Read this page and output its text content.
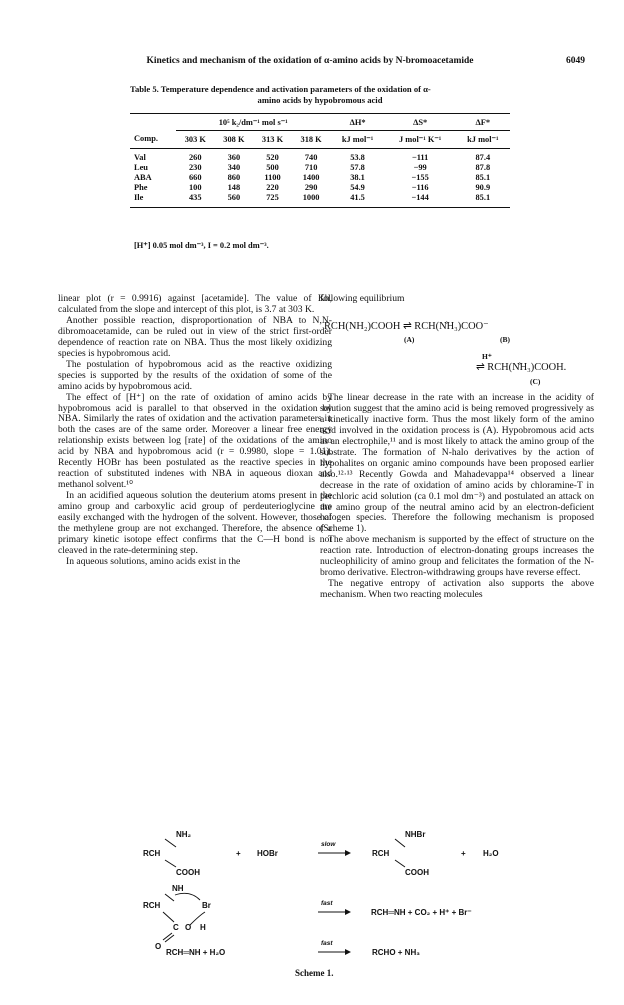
Kinetics and mechanism of the oxidation of α-amino acids by N-bromoacetamide	6049
Table 5. Temperature dependence and activation parameters of the oxidation of α-
amino acids by hypobromous acid
	10⁵ k₂/dm⁻¹ mol s⁻¹				ΔH*	ΔS*	ΔF*
Comp.	303 K	308 K	313 K	318 K	kJ mol⁻¹	J mol⁻¹ K⁻¹	kJ mol⁻¹
Val	260	360	520	740	53.8	−111	87.4
Leu	230	340	500	710	57.8	−99	87.8
ABA	660	860	1100	1400	38.1	−155	85.1
Phe	100	148	220	290	54.9	−116	90.9
Ile	435	560	725	1000	41.5	−144	85.1
[H⁺] 0.05 mol dm⁻³, I = 0.2 mol dm⁻³.

linear plot (r = 0.9916) against [acetamide]. The value of Kh, calculated from the slope and intercept of this plot, is 3.7 at 303 K.

Another possible reaction, disproportionation of NBA to N,N-dibromoacetamide, can be ruled out in view of the strict first-order dependence of reaction rate on NBA. Thus the most likely oxidizing species is hypobromous acid.

The postulation of hypobromous acid as the reactive oxidizing species is supported by the results of the oxidation of some of the amino acids by hypobromous acid.

The effect of [H⁺] on the rate of oxidation of amino acids by hypobromous acid is parallel to that observed in the oxidation by NBA. Similarly the rates of oxidation and the activation parameters in both the cases are of the same order. Moreover a linear free energy relationship exists between log [rate] of the oxidations of the amino acid by NBA and hypobromous acid (r = 0.9980, slope = 1.01). Recently HOBr has been postulated as the reactive species in the reaction of substituted indenes with NBA in aqueous dioxan and methanol solvent.¹⁰

In an acidified aqueous solution the deuterium atoms present in the amino group and carboxylic acid group of perdeuterioglycine are easily exchanged with the hydrogen of the solvent. However, those of the methylene group are not exchanged. Therefore, the absence of a primary kinetic isotope effect confirms that the C—H bond is not cleaved in the rate-determining step.

In aqueous solutions, amino acids exist in the

following equilibrium

RCH(NH₂)COOH ⇌ RCH(N̊H₃)COO⁻
(A)	(B)
H⁺
⇌ RCH(N̊H₃)COOH.
(C)

The linear decrease in the rate with an increase in the acidity of solution suggest that the amino acid is being removed progressively as a kinetically inactive form. Thus the most likely form of the amino acid involved in the oxidation process is (A). Hypobromous acid acts as an electrophile,¹¹ and is most likely to attack the amino group of the substrate. The formation of N-halo derivatives by the action of hypohalites on organic amino compounds have been proposed earlier also.¹²·¹³ Recently Gowda and Mahadevappa¹⁴ observed a linear decrease in the rate of oxidation of amino acids by chloramine-T in perchloric acid solution (ca 0.1 mol dm⁻³) and postulated an attack on the amino group of the neutral amino acid by an electron-deficient halogen species. Therefore the following mechanism is proposed (Scheme 1).

The above mechanism is supported by the effect of structure on the reaction rate. Introduction of electron-donating groups increases the nucleophilicity of amino group and felicitates the formation of the N-bromo derivative. Electron-withdrawing groups have reverse effect.

The negative entropy of activation also supports the above mechanism. When two reacting molecules

NH₂
RCH
COOH
+ HOBr
slow
NHBr
RCH
COOH
+ H₂O
NH
RCH	Br
C O H
O
fast
RCH═NH + CO₂ + H⁺ + Br⁻
RCH═NH + H₂O
fast
RCHO + NH₃
Scheme 1.
